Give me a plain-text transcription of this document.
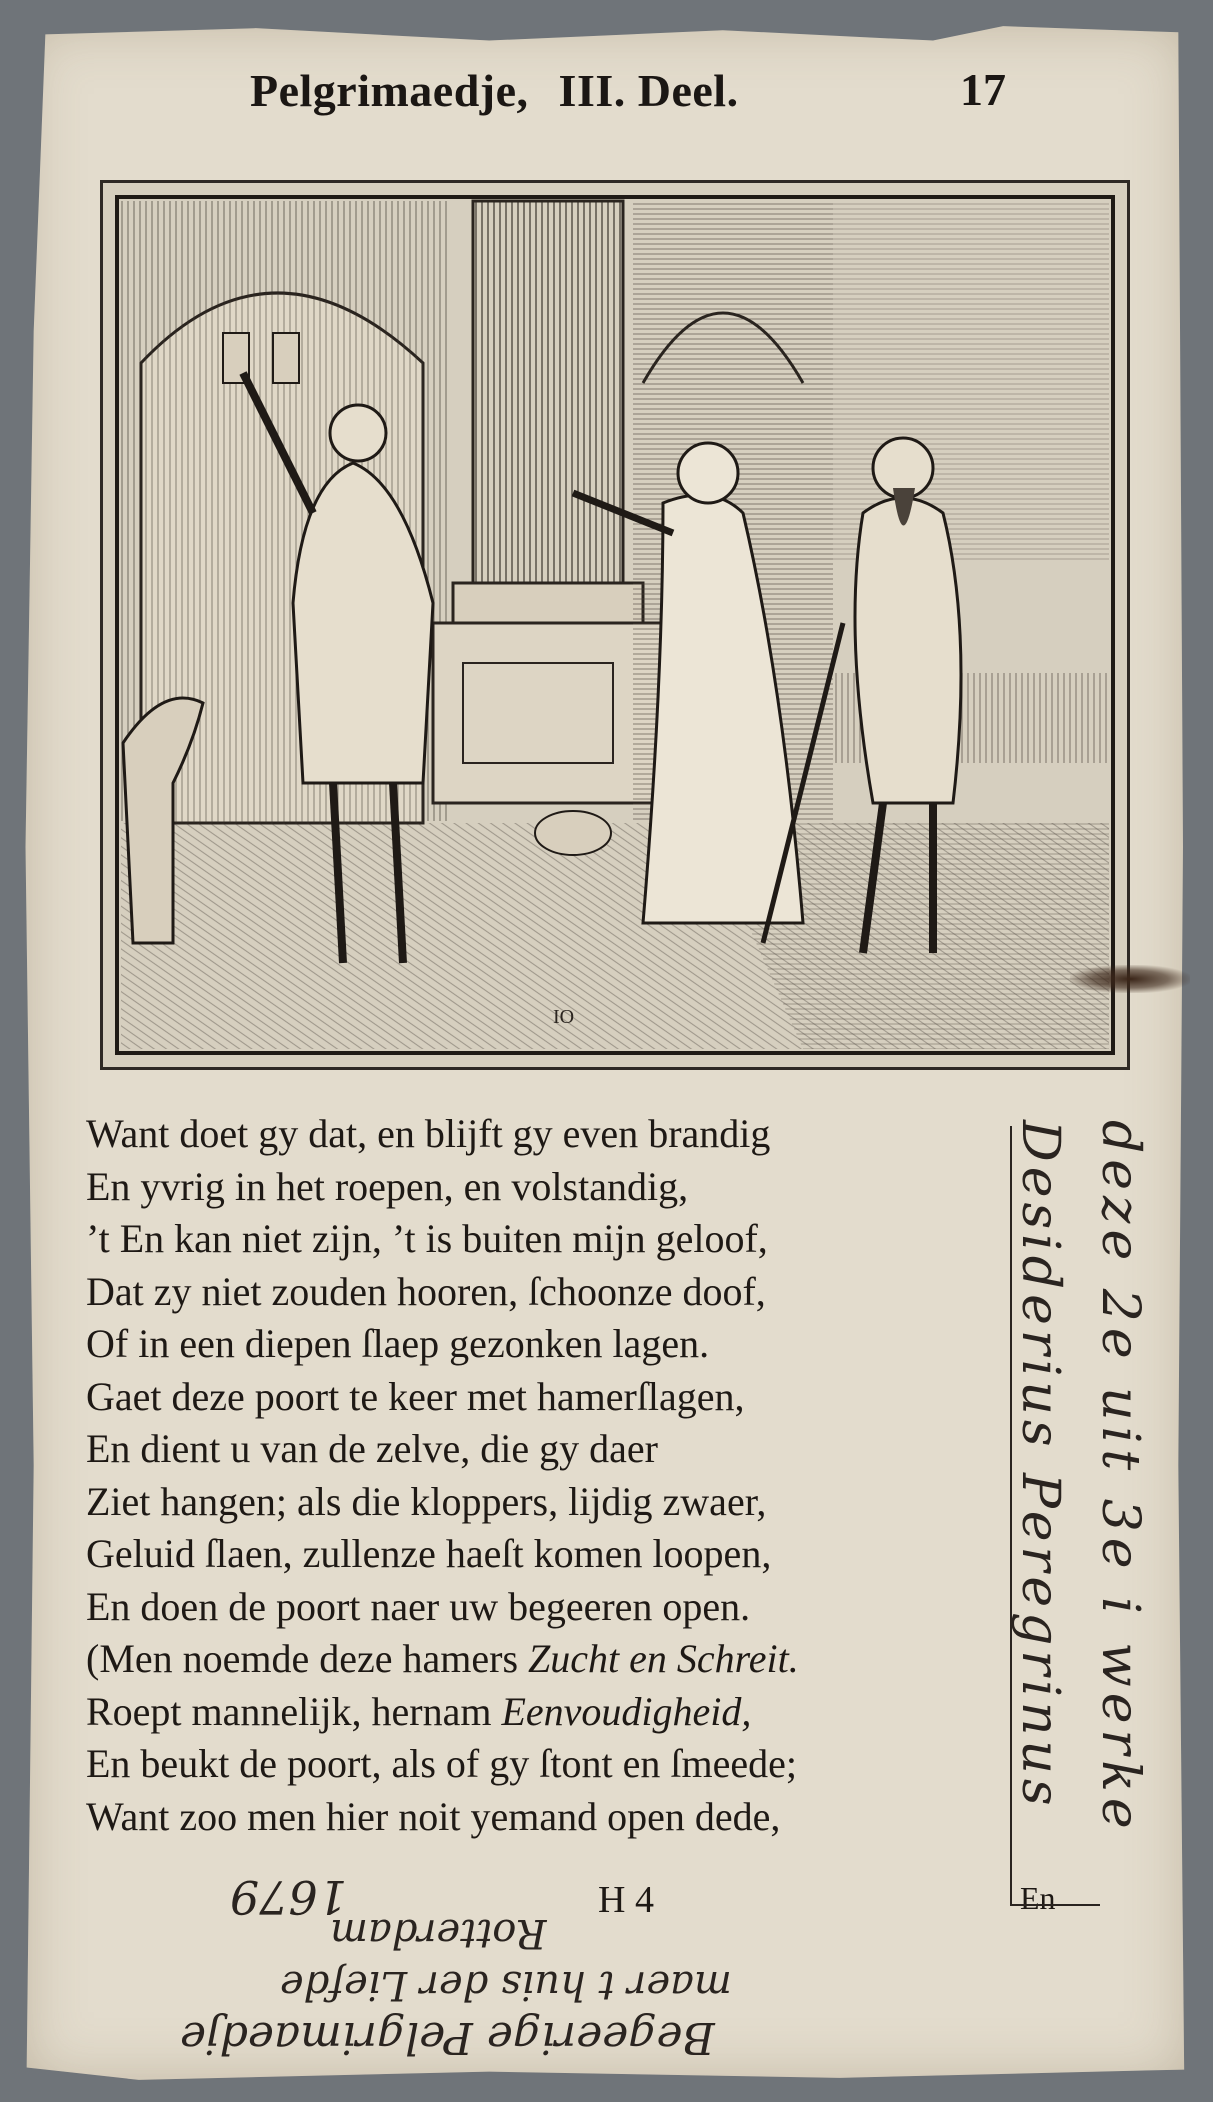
Pelgrimaedje, III. Deel.	17
IO
Want doet gy dat, en blijft gy even brandig
En yvrig in het roepen, en volstandig,
’t En kan niet zijn, ’t is buiten mijn geloof,
Dat zy niet zouden hooren, ſchoonze doof,
Of in een diepen ſlaep gezonken lagen.
Gaet deze poort te keer met hamerſlagen,
En dient u van de zelve, die gy daer
Ziet hangen; als die kloppers, lijdig zwaer,
Geluid ſlaen, zullenze haeſt komen loopen,
En doen de poort naer uw begeeren open.
(Men noemde deze hamers Zucht en Schreit.
Roept mannelijk, hernam Eenvoudigheid,
En beukt de poort, als of gy ſtont en ſmeede;
Want zoo men hier noit yemand open dede,
H 4	En
deze 2e uit 3e i werke
Desiderius Peregrinus
1679
Rotterdam
maer t huis der Liefde
Begeerige Pelgrimaedje
